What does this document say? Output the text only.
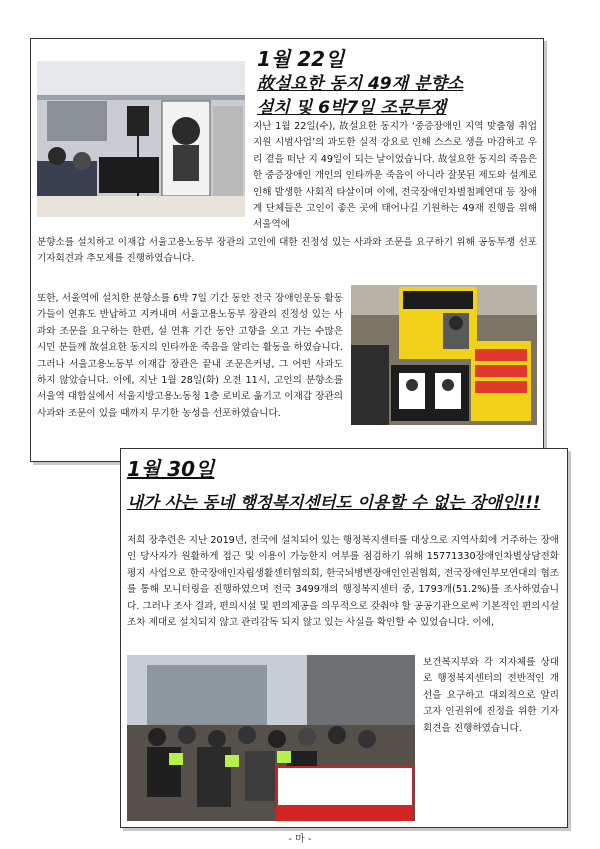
1월 22일
故설요한 동지 49재 분향소
설치 및 6박7일 조문투쟁

지난 1월 22일(수), 故설요한 동지가 ‘중증장애인 지역 맞춤형 취업지원 시범사업’의 과도한 실적 강요로 인해 스스로 생을 마감하고 우리 곁을 떠난 지 49일이 되는 날이었습니다. 故설요한 동지의 죽음은 한 중증장애인 개인의 인타까운 죽음이 아니라 잘못된 제도와 설계로 인해 발생한 사회적 타살이며 이에, 전국장애인차별철폐연대 등 장애계 단체들은 고인이 좋은 곳에 태어나길 기원하는 49재 진행을 위해 서울역에

분향소를 설치하고 이재갑 서울고용노동부 장관의 고인에 대한 진정성 있는 사과와 조문을 요구하기 위해 공동투쟁 선포 기자회견과 추모제를 진행하였습니다.

또한, 서울역에 설치한 분향소를 6박 7일 기간 동안 전국 장애인운동 활동가들이 연휴도 반납하고 지켜내며 서울고용노동부 장관의 진정성 있는 사과와 조문을 요구하는 한편, 설 연휴 기간 동안 고향을 오고 가는 수많은 시민 분들께 故설요한 동지의 인타까운 죽음을 알리는 활동을 하였습니다. 그러나 서울고용노동부 이재갑 장관은 끝내 조문은커녕, 그 어떤 사과도 하지 않았습니다. 이에, 지난 1월 28일(화) 오전 11시, 고인의 분향소를 서울역 대합실에서 서울지방고용노동청 1층 로비로 옮기고 이재갑 장관의 사과와 조문이 있을 때까지 무기한 농성을 선포하였습니다.

1월 30일
내가 사는 동네 행정복지센터도 이용할 수 없는 장애인!!!

저희 장추련은 지난 2019년, 전국에 설치되어 있는 행정복지센터를 대상으로 지역사회에 거주하는 장애인 당사자가 원활하게 접근 및 이용이 가능한지 여부를 점검하기 위해 15771330장애인차별상담전화 평지 사업으로 한국장애인자립생활센터협의회, 한국뇌병변장애인인권협회, 전국장애인부모연대의 협조를 통해 모니터링을 진행하였으며 전국 3499개의 행정복지센터 중, 1793개(51.2%)를 조사하였습니다. 그러나 조사 결과, 편의시설 및 편의제공을 의무적으로 갖춰야 할 공공기관으로써 기본적인 편의시설조차 제대로 설치되지 않고 관리감독 되지 않고 있는 사실을 확인할 수 있었습니다. 이에,

보건복지부와 각 지자체를 상대로 행정복지센터의 전반적인 개선을 요구하고 대외적으로 알리고자 인권위에 진정을 위한 기자회견을 진행하였습니다.

- 마 -
